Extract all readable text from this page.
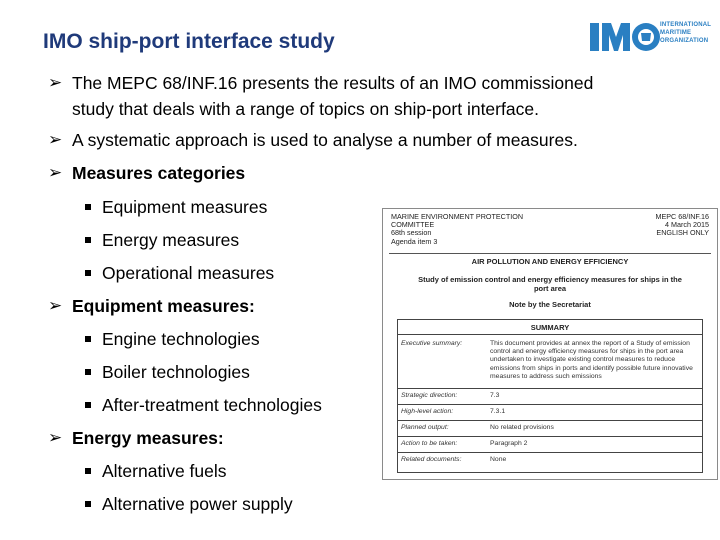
IMO ship-port interface study
INTERNATIONAL
MARITIME
ORGANIZATION
➢ The MEPC 68/INF.16 presents the results of an IMO commissioned
study that deals with a range of topics on ship-port interface.
➢ A systematic approach is used to analyse a number of measures.
➢ Measures categories
Equipment measures
Energy measures
Operational measures
➢ Equipment measures:
Engine technologies
Boiler technologies
After-treatment technologies
➢ Energy measures:
Alternative fuels
Alternative power supply
MARINE ENVIRONMENT PROTECTION
COMMITTEE
68th session
Agenda item 3
MEPC 68/INF.16
4 March 2015
ENGLISH ONLY
AIR POLLUTION AND ENERGY EFFICIENCY
Study of emission control and energy efficiency measures for ships in the port area
Note by the Secretariat
SUMMARY
Executive summary:	This document provides at annex the report of a Study of emission control and energy efficiency measures for ships in the port area undertaken to investigate existing control measures to reduce emissions from ships in ports and identify possible future innovative measures to address such emissions
Strategic direction:	7.3
High-level action:	7.3.1
Planned output:	No related provisions
Action to be taken:	Paragraph 2
Related documents:	None
